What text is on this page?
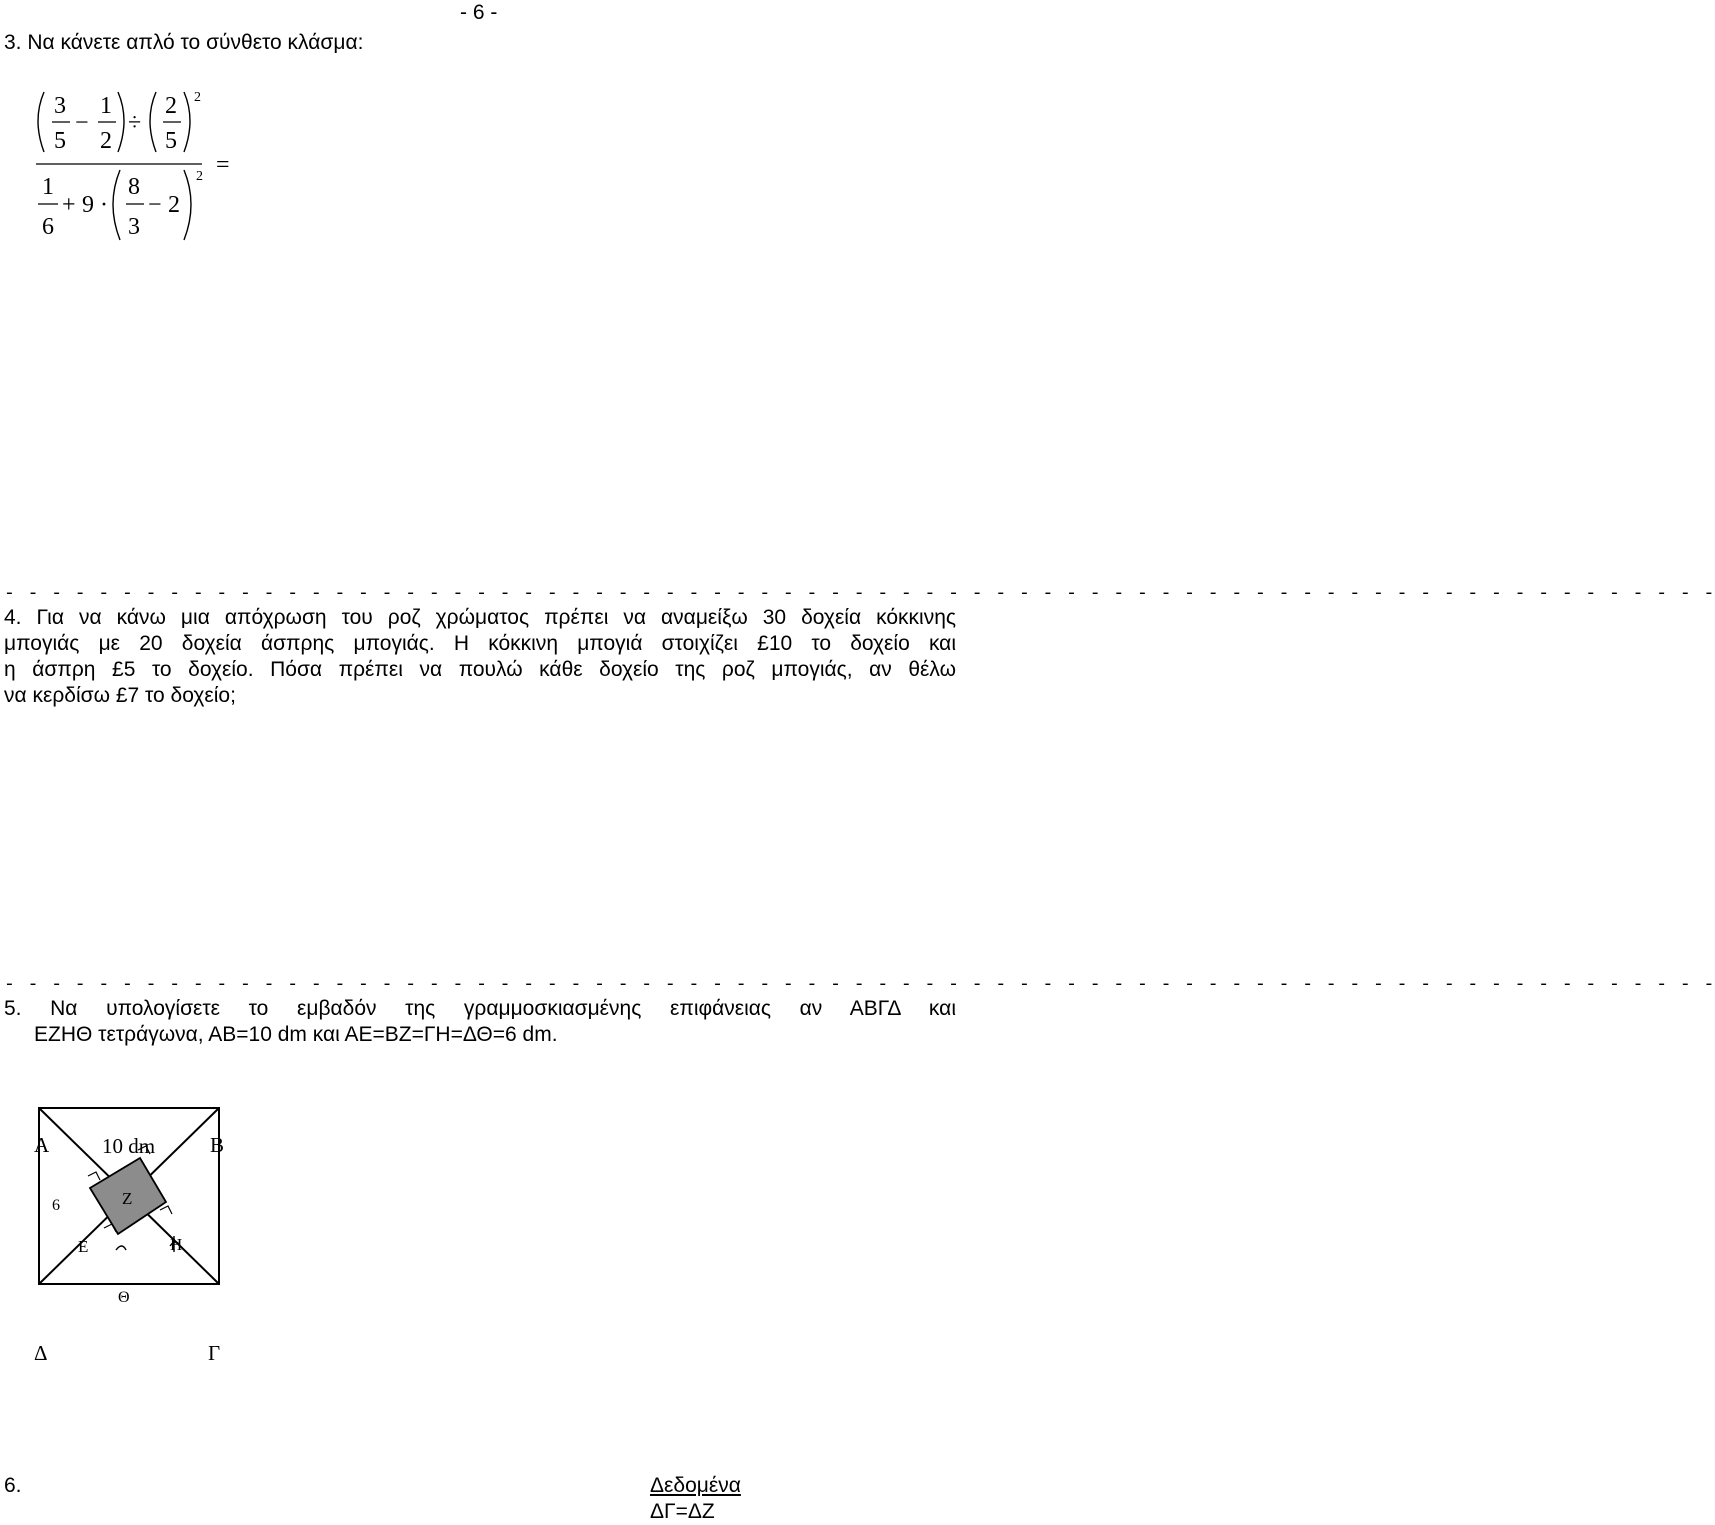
- 6 -
3. Να κάνετε απλό το σύνθετο κλάσμα:
3
5
−
1
2
÷
2
5
2
=
1
6
+ 9 ·
8
3
− 2
2
- - - - - - - - - - - - - - - - - - - - - - - - - - - - - - - - - - - - - - - - - - - - - - - - - - - - - - - - - - - - - - - - - - - - - - - - -
4. Για να κάνω μια απόχρωση του ροζ χρώματος πρέπει να αναμείξω 30 δοχεία κόκκινης
μπογιάς με 20 δοχεία άσπρης μπογιάς. Η κόκκινη μπογιά στοιχίζει £10 το δοχείο και
η άσπρη £5 το δοχείο. Πόσα πρέπει να πουλώ κάθε δοχείο της ροζ μπογιάς, αν θέλω
να κερδίσω £7 το δοχείο;
- - - - - - - - - - - - - - - - - - - - - - - - - - - - - - - - - - - - - - - - - - - - - - - - - - - - - - - - - - - - - - - - - - - - - - - - -
5. Να υπολογίσετε το εμβαδόν της γραμμοσκιασμένης επιφάνειας αν ΑΒΓΔ και
ΕΖΗΘ τετράγωνα, ΑΒ=10 dm και ΑΕ=ΒΖ=ΓΗ=ΔΘ=6 dm.
Α	10 dm	Β
6	Ζ
Ε	Η
Θ
Δ	Γ
6.	Δεδομένα
ΔΓ=ΔΖ
